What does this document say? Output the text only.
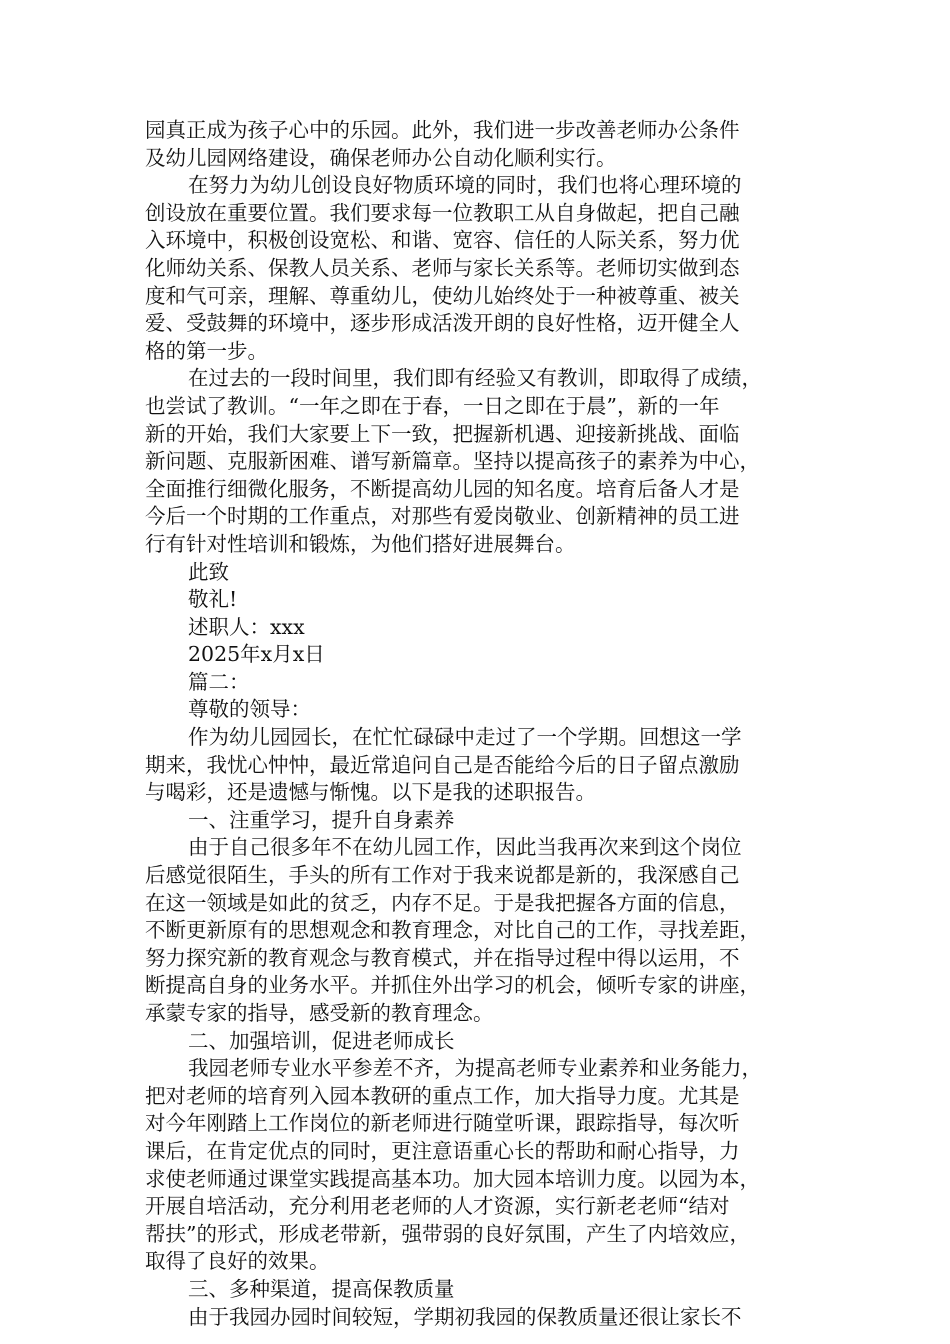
园真正成为孩子心中的乐园。此外，我们进一步改善老师办公条件
及幼儿园网络建设，确保老师办公自动化顺利实行。
在努力为幼儿创设良好物质环境的同时，我们也将心理环境的
创设放在重要位置。我们要求每一位教职工从自身做起，把自己融
入环境中，积极创设宽松、和谐、宽容、信任的人际关系，努力优
化师幼关系、保教人员关系、老师与家长关系等。老师切实做到态
度和气可亲，理解、尊重幼儿，使幼儿始终处于一种被尊重、被关
爱、受鼓舞的环境中，逐步形成活泼开朗的良好性格，迈开健全人
格的第一步。
在过去的一段时间里，我们即有经验又有教训，即取得了成绩，
也尝试了教训。“一年之即在于春，一日之即在于晨”，新的一年
新的开始，我们大家要上下一致，把握新机遇、迎接新挑战、面临
新问题、克服新困难、谱写新篇章。坚持以提高孩子的素养为中心，
全面推行细微化服务，不断提高幼儿园的知名度。培育后备人才是
今后一个时期的工作重点，对那些有爱岗敬业、创新精神的员工进
行有针对性培训和锻炼，为他们搭好进展舞台。
此致
敬礼!
述职人：xxx
2025年x月x日
篇二：
尊敬的领导：
作为幼儿园园长，在忙忙碌碌中走过了一个学期。回想这一学
期来，我忧心忡忡，最近常追问自己是否能给今后的日子留点激励
与喝彩，还是遗憾与惭愧。以下是我的述职报告。
一、注重学习，提升自身素养
由于自己很多年不在幼儿园工作，因此当我再次来到这个岗位
后感觉很陌生，手头的所有工作对于我来说都是新的，我深感自己
在这一领域是如此的贫乏，内存不足。于是我把握各方面的信息，
不断更新原有的思想观念和教育理念，对比自己的工作，寻找差距，
努力探究新的教育观念与教育模式，并在指导过程中得以运用，不
断提高自身的业务水平。并抓住外出学习的机会，倾听专家的讲座，
承蒙专家的指导，感受新的教育理念。
二、加强培训，促进老师成长
我园老师专业水平参差不齐，为提高老师专业素养和业务能力，
把对老师的培育列入园本教研的重点工作，加大指导力度。尤其是
对今年刚踏上工作岗位的新老师进行随堂听课，跟踪指导，每次听
课后，在肯定优点的同时，更注意语重心长的帮助和耐心指导，力
求使老师通过课堂实践提高基本功。加大园本培训力度。以园为本，
开展自培活动，充分利用老老师的人才资源，实行新老老师“结对
帮扶”的形式，形成老带新，强带弱的良好氛围，产生了内培效应，
取得了良好的效果。
三、多种渠道，提高保教质量
由于我园办园时间较短，学期初我园的保教质量还很让家长不
